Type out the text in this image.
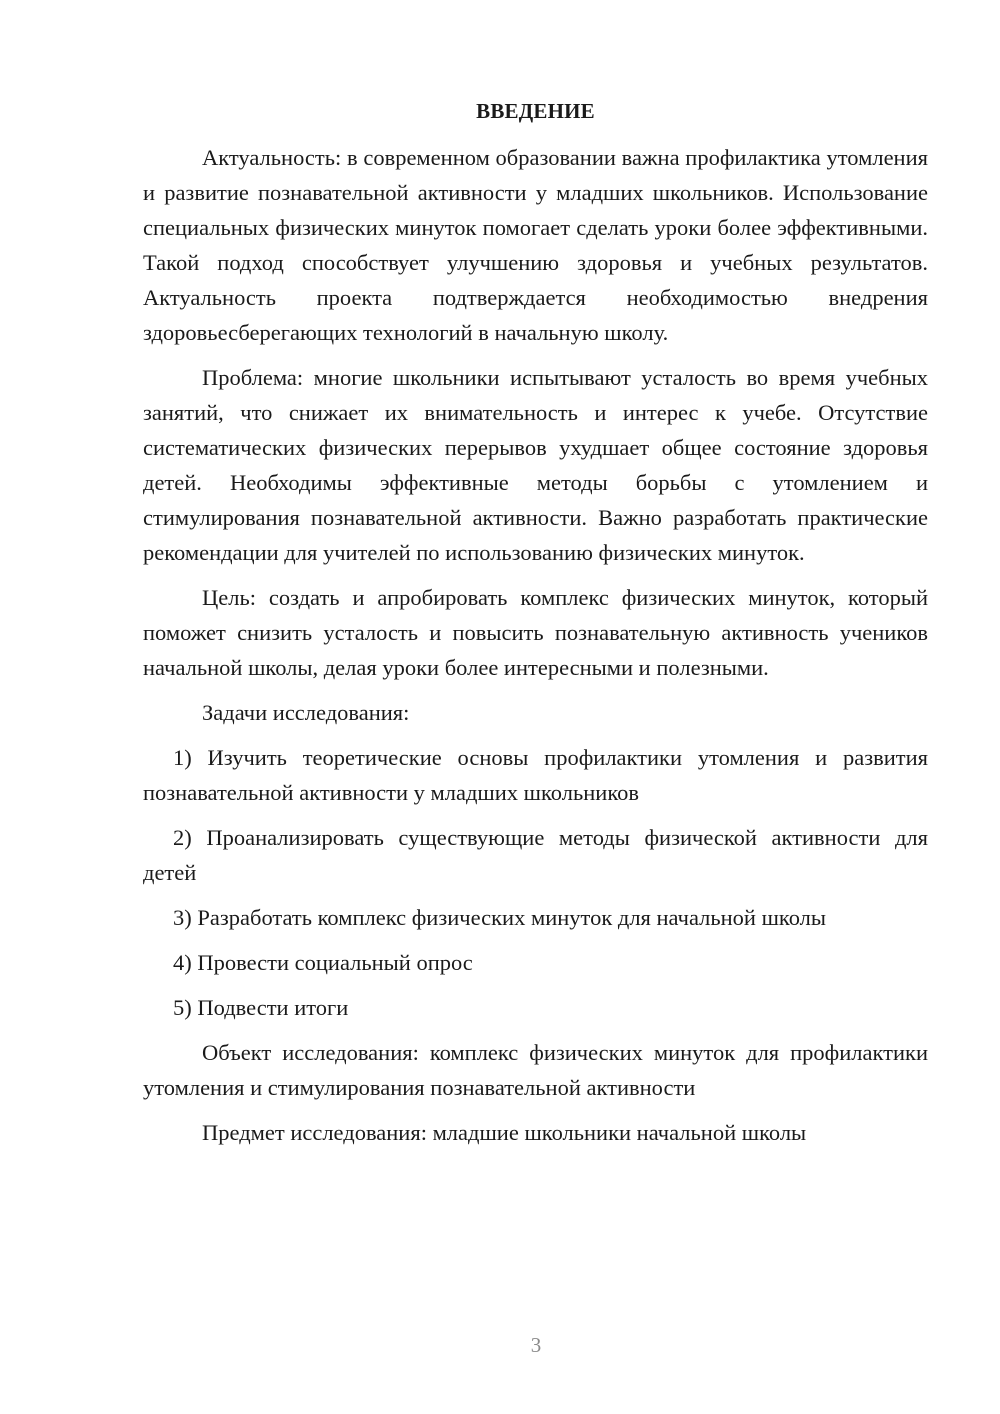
ВВЕДЕНИЕ

Актуальность: в современном образовании важна профилактика утомления и развитие познавательной активности у младших школьников. Использование специальных физических минуток помогает сделать уроки более эффективными. Такой подход способствует улучшению здоровья и учебных результатов. Актуальность проекта подтверждается необходимостью внедрения здоровьесберегающих технологий в начальную школу.

Проблема: многие школьники испытывают усталость во время учебных занятий, что снижает их внимательность и интерес к учебе. Отсутствие систематических физических перерывов ухудшает общее состояние здоровья детей. Необходимы эффективные методы борьбы с утомлением и стимулирования познавательной активности. Важно разработать практические рекомендации для учителей по использованию физических минуток.

Цель: создать и апробировать комплекс физических минуток, который поможет снизить усталость и повысить познавательную активность учеников начальной школы, делая уроки более интересными и полезными.

Задачи исследования:

1) Изучить теоретические основы профилактики утомления и развития познавательной активности у младших школьников

2) Проанализировать существующие методы физической активности для детей

3) Разработать комплекс физических минуток для начальной школы

4) Провести социальный опрос

5) Подвести итоги

Объект исследования: комплекс физических минуток для профилактики утомления и стимулирования познавательной активности

Предмет исследования: младшие школьники начальной школы

3
